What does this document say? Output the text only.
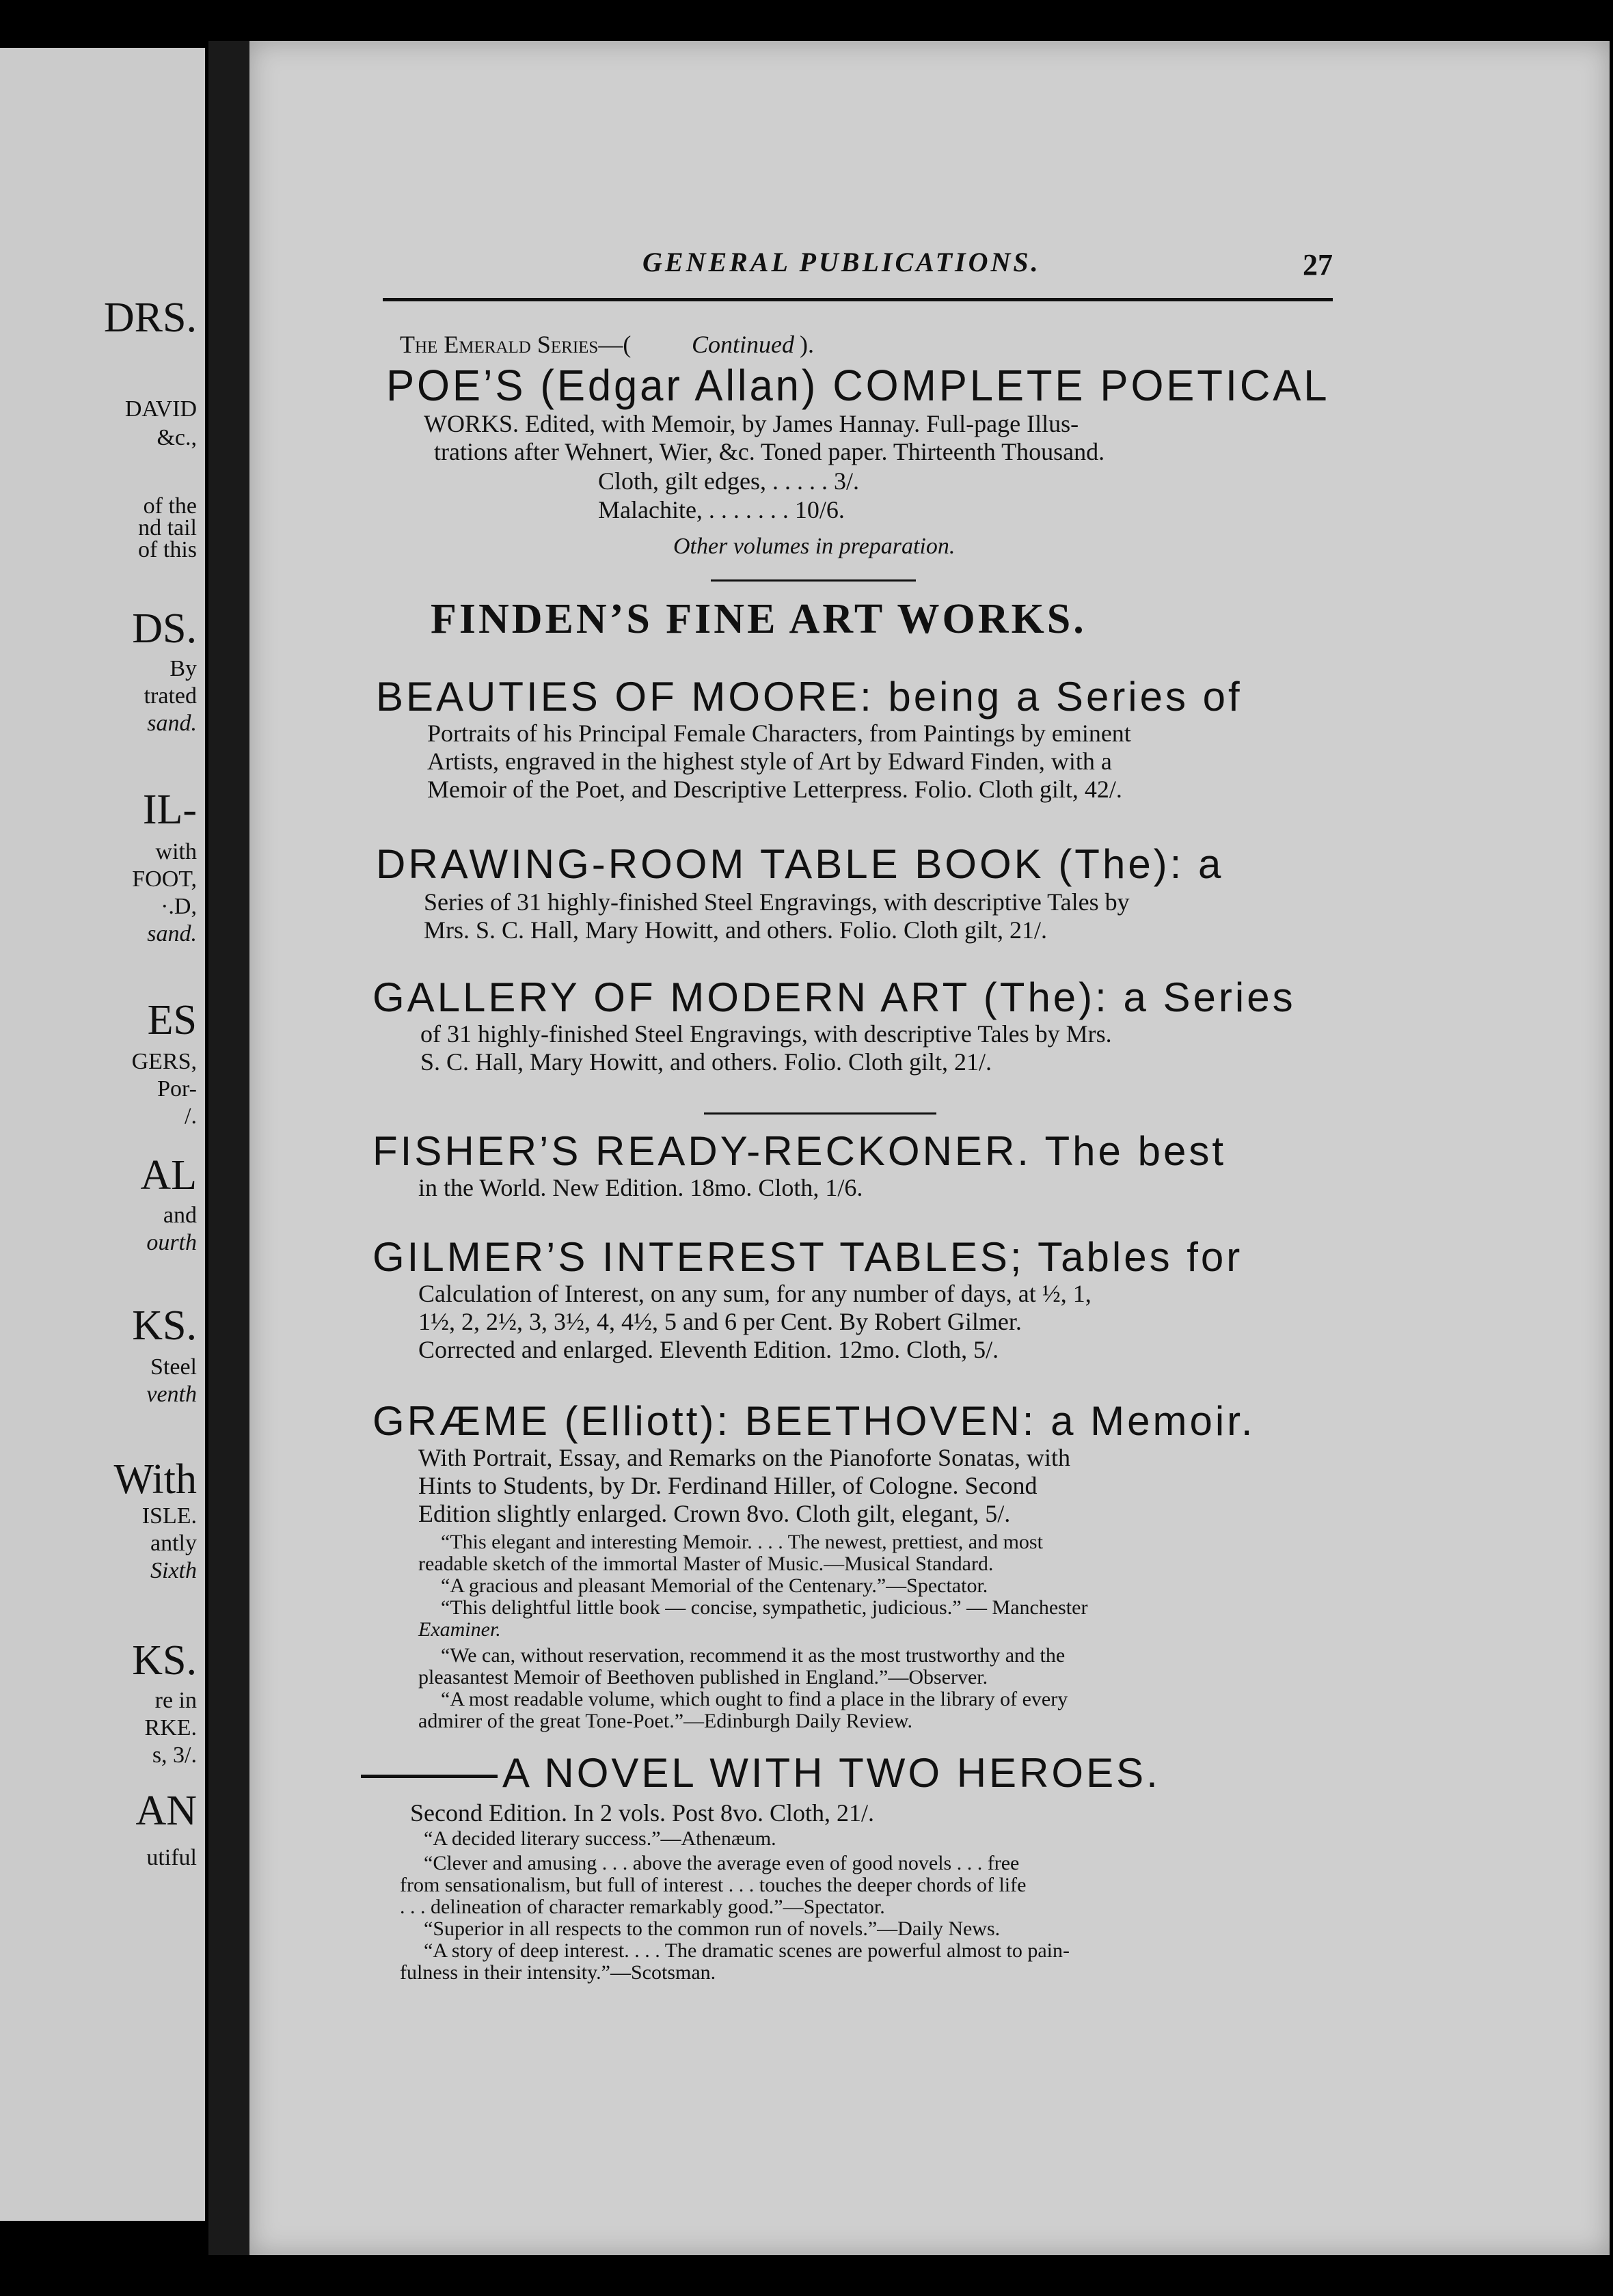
DRS.
DAVID
&c.,
of the
nd tail
of this
DS.
By
trated
sand.
IL-
with
FOOT,
·.D,
sand.
ES
GERS,
Por-
/.
AL
and
ourth
KS.
Steel
venth
With
ISLE.
antly
Sixth
KS.
re in
RKE.
s, 3/.
AN
utiful
GENERAL PUBLICATIONS.	27
The Emerald Series—( Continued ).
POE’S (Edgar Allan) COMPLETE POETICAL
WORKS. Edited, with Memoir, by James Hannay. Full-page Illus-
trations after Wehnert, Wier, &c. Toned paper. Thirteenth Thousand.
Cloth, gilt edges, . . . . . 3/.
Malachite, . . . . . . . 10/6.
Other volumes in preparation.
FINDEN’S FINE ART WORKS.
BEAUTIES OF MOORE: being a Series of
Portraits of his Principal Female Characters, from Paintings by eminent
Artists, engraved in the highest style of Art by Edward Finden, with a
Memoir of the Poet, and Descriptive Letterpress. Folio. Cloth gilt, 42/.
DRAWING-ROOM TABLE BOOK (The): a
Series of 31 highly-finished Steel Engravings, with descriptive Tales by
Mrs. S. C. Hall, Mary Howitt, and others. Folio. Cloth gilt, 21/.
GALLERY OF MODERN ART (The): a Series
of 31 highly-finished Steel Engravings, with descriptive Tales by Mrs.
S. C. Hall, Mary Howitt, and others. Folio. Cloth gilt, 21/.
FISHER’S READY-RECKONER. The best
in the World. New Edition. 18mo. Cloth, 1/6.
GILMER’S INTEREST TABLES; Tables for
Calculation of Interest, on any sum, for any number of days, at ½, 1,
1½, 2, 2½, 3, 3½, 4, 4½, 5 and 6 per Cent. By Robert Gilmer.
Corrected and enlarged. Eleventh Edition. 12mo. Cloth, 5/.
GRÆME (Elliott): BEETHOVEN: a Memoir.
With Portrait, Essay, and Remarks on the Pianoforte Sonatas, with
Hints to Students, by Dr. Ferdinand Hiller, of Cologne. Second
Edition slightly enlarged. Crown 8vo. Cloth gilt, elegant, 5/.
“This elegant and interesting Memoir. . . . The newest, prettiest, and most
readable sketch of the immortal Master of Music.—Musical Standard.
“A gracious and pleasant Memorial of the Centenary.”—Spectator.
“This delightful little book — concise, sympathetic, judicious.” — Manchester
Examiner.
“We can, without reservation, recommend it as the most trustworthy and the
pleasantest Memoir of Beethoven published in England.”—Observer.
“A most readable volume, which ought to find a place in the library of every
admirer of the great Tone-Poet.”—Edinburgh Daily Review.
A NOVEL WITH TWO HEROES.
Second Edition. In 2 vols. Post 8vo. Cloth, 21/.
“A decided literary success.”—Athenæum.
“Clever and amusing . . . above the average even of good novels . . . free
from sensationalism, but full of interest . . . touches the deeper chords of life
. . . delineation of character remarkably good.”—Spectator.
“Superior in all respects to the common run of novels.”—Daily News.
“A story of deep interest. . . . The dramatic scenes are powerful almost to pain-
fulness in their intensity.”—Scotsman.
